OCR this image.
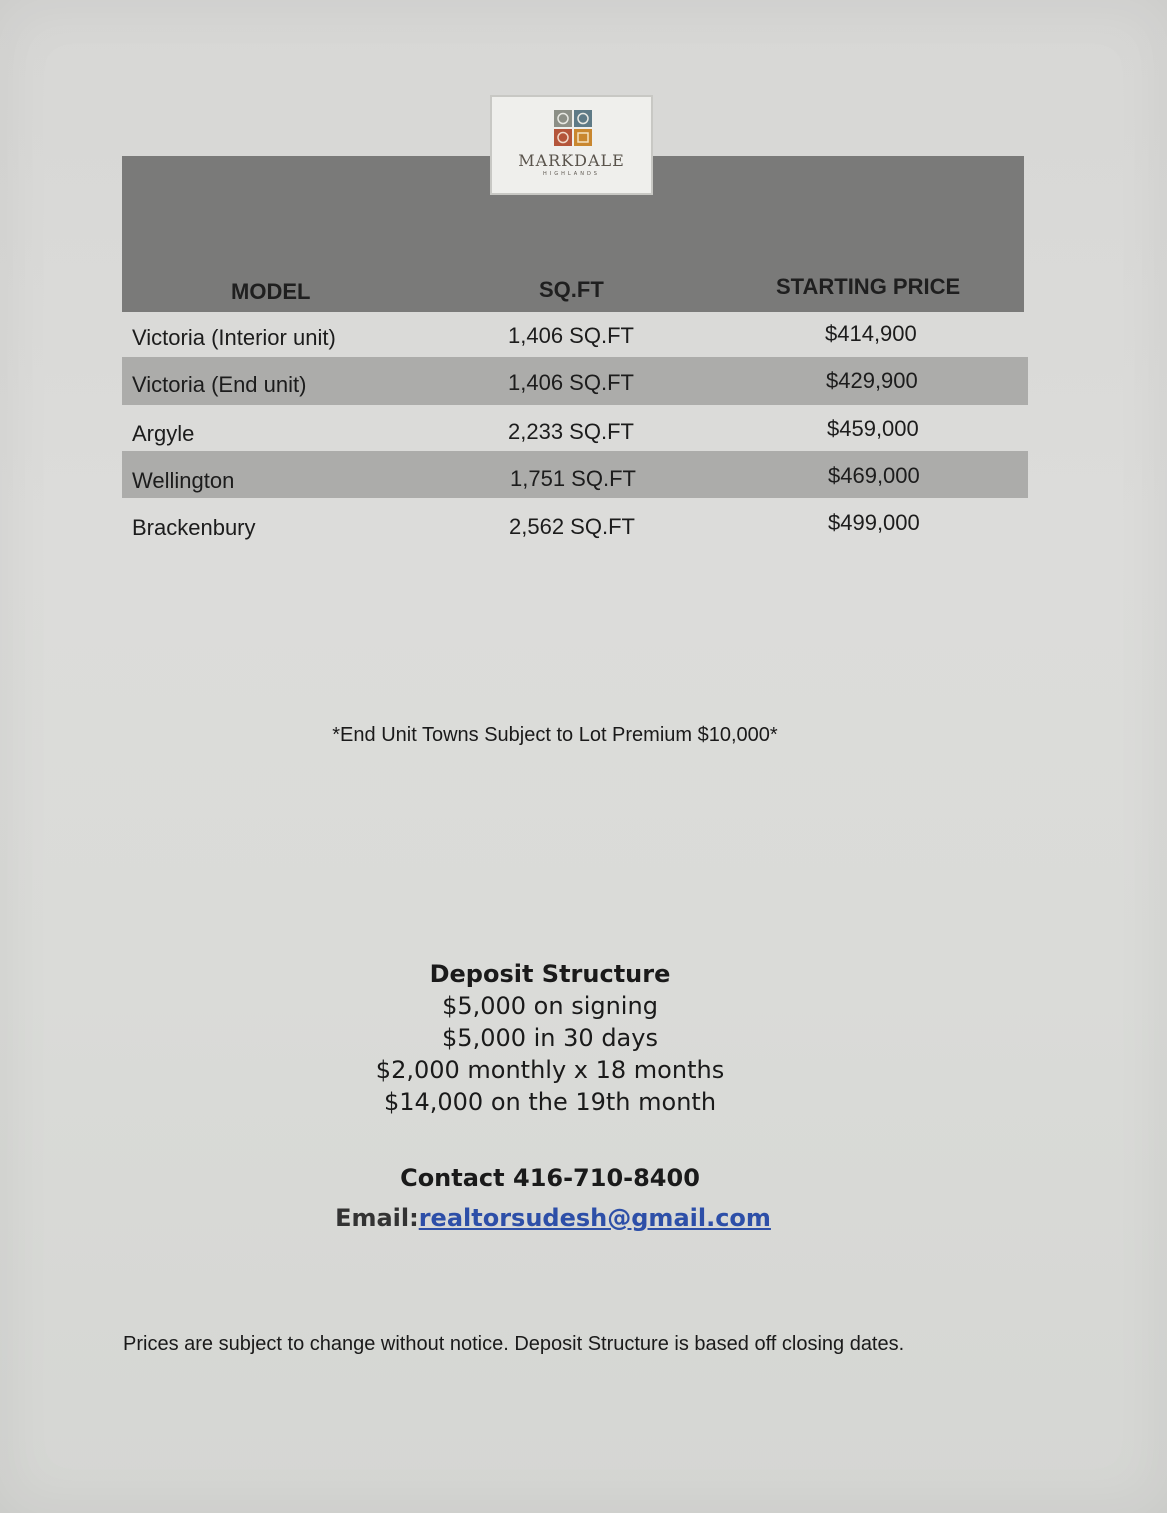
MARKDALE
HIGHLANDS
MODEL	SQ.FT	STARTING PRICE
Victoria (Interior unit)	1,406 SQ.FT	$414,900
Victoria (End unit)	1,406 SQ.FT	$429,900
Argyle	2,233 SQ.FT	$459,000
Wellington	1,751 SQ.FT	$469,000
Brackenbury	2,562 SQ.FT	$499,000
*End Unit Towns Subject to Lot Premium $10,000*
Deposit Structure
$5,000 on signing
$5,000 in 30 days
$2,000 monthly x 18 months
$14,000 on the 19th month
Contact 416-710-8400
Email:realtorsudesh@gmail.com
Prices are subject to change without notice. Deposit Structure is based off closing dates.
